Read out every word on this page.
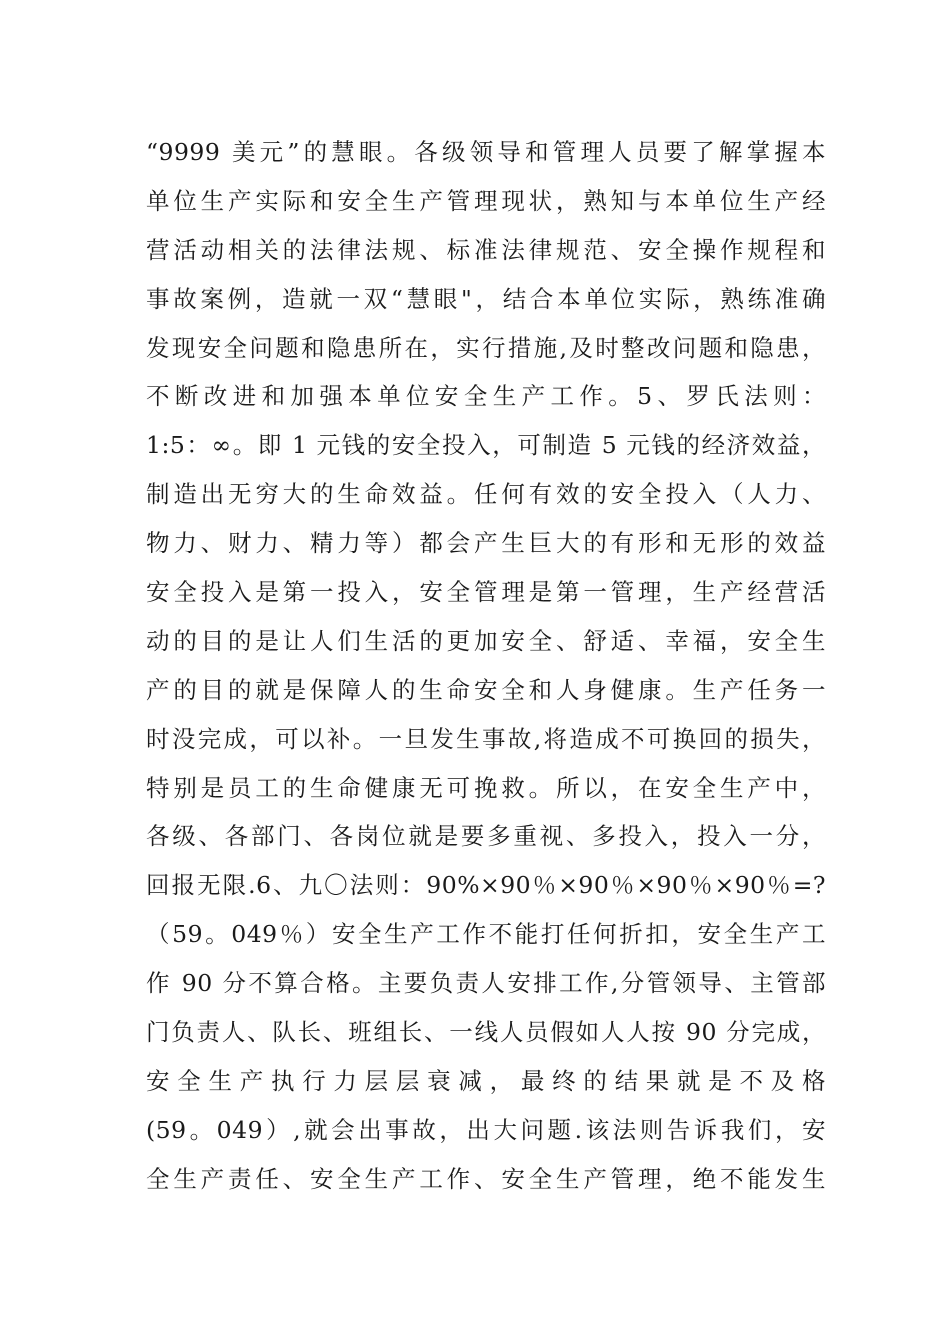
“9999 美元”的慧眼。各级领导和管理人员要了解掌握本
单位生产实际和安全生产管理现状，熟知与本单位生产经
营活动相关的法律法规、标准法律规范、安全操作规程和
事故案例，造就一双“慧眼"，结合本单位实际，熟练准确
发现安全问题和隐患所在，实行措施,及时整改问题和隐患，
不断改进和加强本单位安全生产工作。5、罗氏法则：
1:5：∞。即 1 元钱的安全投入，可制造 5 元钱的经济效益，
制造出无穷大的生命效益。任何有效的安全投入（人力、
物力、财力、精力等）都会产生巨大的有形和无形的效益
安全投入是第一投入，安全管理是第一管理，生产经营活
动的目的是让人们生活的更加安全、舒适、幸福，安全生
产的目的就是保障人的生命安全和人身健康。生产任务一
时没完成，可以补。一旦发生事故,将造成不可换回的损失，
特别是员工的生命健康无可挽救。所以，在安全生产中，
各级、各部门、各岗位就是要多重视、多投入，投入一分，
回报无限.6、九〇法则：90%×90％×90％×90％×90％=?
（59。049％）安全生产工作不能打任何折扣，安全生产工
作 90 分不算合格。主要负责人安排工作,分管领导、主管部
门负责人、队长、班组长、一线人员假如人人按 90 分完成，
安全生产执行力层层衰减，最终的结果就是不及格
(59。049）,就会出事故，出大问题.该法则告诉我们，安
全生产责任、安全生产工作、安全生产管理，绝不能发生
